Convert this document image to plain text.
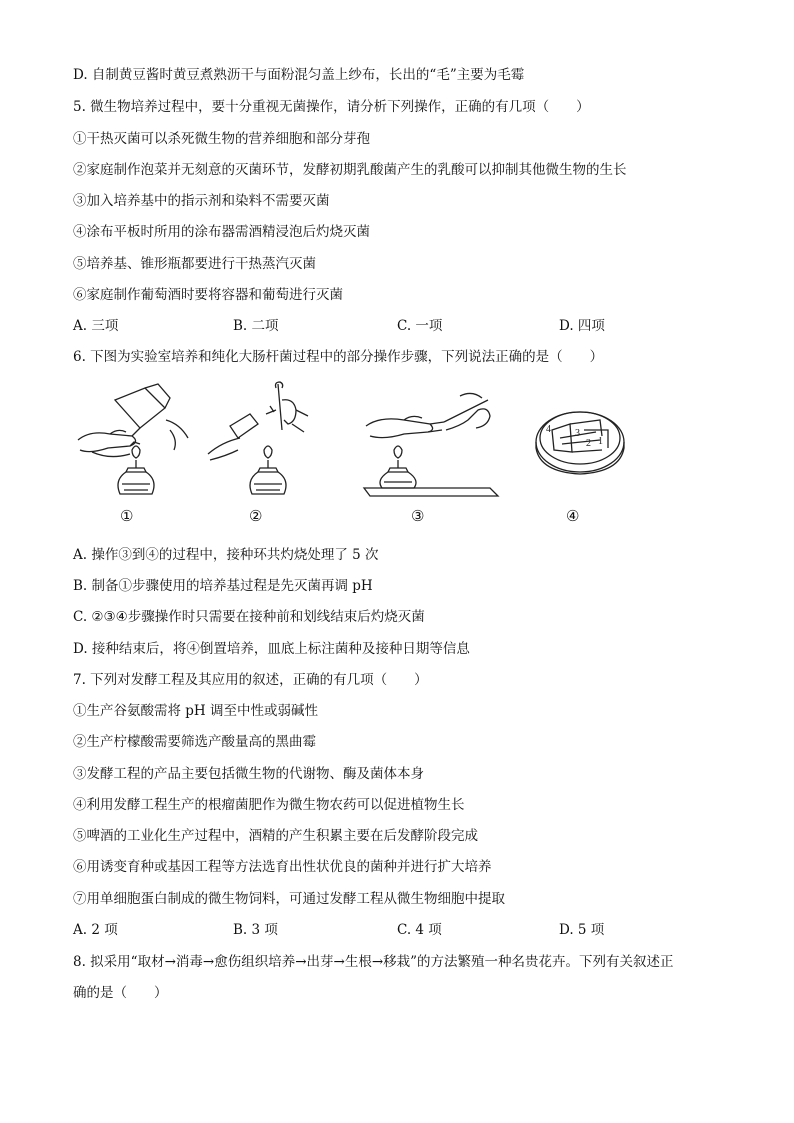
D. 自制黄豆酱时黄豆煮熟沥干与面粉混匀盖上纱布，长出的“毛”主要为毛霉
5. 微生物培养过程中，要十分重视无菌操作，请分析下列操作，正确的有几项（　　）
①干热灭菌可以杀死微生物的营养细胞和部分芽孢
②家庭制作泡菜并无刻意的灭菌环节，发酵初期乳酸菌产生的乳酸可以抑制其他微生物的生长
③加入培养基中的指示剂和染料不需要灭菌
④涂布平板时所用的涂布器需酒精浸泡后灼烧灭菌
⑤培养基、锥形瓶都要进行干热蒸汽灭菌
⑥家庭制作葡萄酒时要将容器和葡萄进行灭菌
A. 三项	B. 二项	C. 一项	D. 四项
6. 下图为实验室培养和纯化大肠杆菌过程中的部分操作步骤，下列说法正确的是（　　）
4 3
2 1
①	②	③	④
A. 操作③到④的过程中，接种环共灼烧处理了 5 次
B. 制备①步骤使用的培养基过程是先灭菌再调 pH
C. ②③④步骤操作时只需要在接种前和划线结束后灼烧灭菌
D. 接种结束后，将④倒置培养，皿底上标注菌种及接种日期等信息
7. 下列对发酵工程及其应用的叙述，正确的有几项（　　）
①生产谷氨酸需将 pH 调至中性或弱碱性
②生产柠檬酸需要筛选产酸量高的黑曲霉
③发酵工程的产品主要包括微生物的代谢物、酶及菌体本身
④利用发酵工程生产的根瘤菌肥作为微生物农药可以促进植物生长
⑤啤酒的工业化生产过程中，酒精的产生积累主要在后发酵阶段完成
⑥用诱变育种或基因工程等方法选育出性状优良的菌种并进行扩大培养
⑦用单细胞蛋白制成的微生物饲料，可通过发酵工程从微生物细胞中提取
A. 2 项	B. 3 项	C. 4 项	D. 5 项
8. 拟采用“取材→消毒→愈伤组织培养→出芽→生根→移栽”的方法繁殖一种名贵花卉。下列有关叙述正
确的是（　　）
